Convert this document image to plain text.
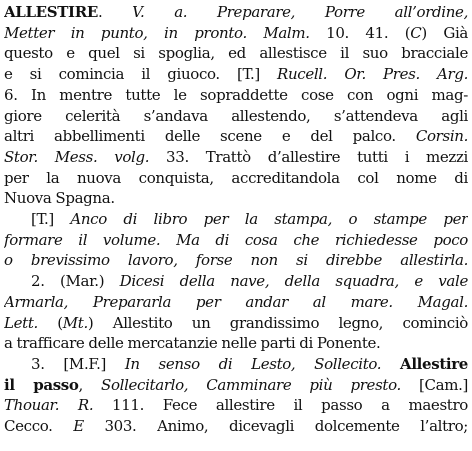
ALLESTIRE. V. a. Preparare, Porre all’ordine,
Metter in punto, in pronto. Malm. 10. 41. (C) Già
questo e quel si spoglia, ed allestisce il suo bracciale
e si comincia il giuoco. [T.] Rucell. Or. Pres. Arg.
6. In mentre tutte le sopraddette cose con ogni mag-
giore celerità s’andava allestendo, s’attendeva agli
altri abbellimenti delle scene e del palco. Corsin.
Stor. Mess. volg. 33. Trattò d’allestire tutti i mezzi
per la nuova conquista, accreditandola col nome di
Nuova Spagna.
[T.] Anco di libro per la stampa, o stampe per
formare il volume. Ma di cosa che richiedesse poco
o brevissimo lavoro, forse non si direbbe allestirla.
2. (Mar.) Dicesi della nave, della squadra, e vale
Armarla, Prepararla per andar al mare. Magal.
Lett. (Mt.) Allestito un grandissimo legno, cominciò
a trafficare delle mercatanzie nelle parti di Ponente.
3. [M.F.] In senso di Lesto, Sollecito. Allestire
il passo, Sollecitarlo, Camminare più presto. [Cam.]
Thouar. R. 111. Fece allestire il passo a maestro
Cecco. E 303. Animo, dicevagli dolcemente l’altro;
